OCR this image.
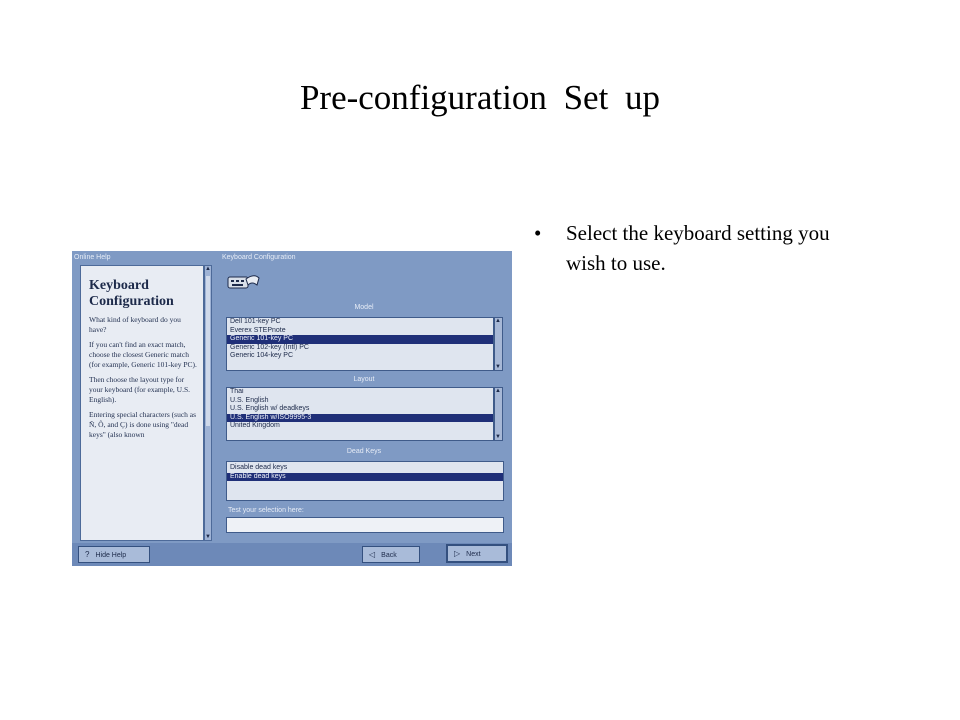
Pre-configuration Set up
•	Select the keyboard setting you wish to use.
Online Help
Keyboard Configuration
What kind of keyboard do you have?
If you can't find an exact match, choose the closest Generic match (for example, Generic 101-key PC).
Then choose the layout type for your keyboard (for example, U.S. English).
Entering special characters (such as Ñ, Ô, and Ç) is done using "dead keys" (also known
▲
▼
Keyboard Configuration
Model
Dell 101-key PC
Everex STEPnote
Generic 101-key PC
Generic 102-key (Intl) PC
Generic 104-key PC
▲
▼
Layout
Thai
U.S. English
U.S. English w/ deadkeys
U.S. English w/ISO9995-3
United Kingdom
▲
▼
Dead Keys
Disable dead keys
Enable dead keys
Test your selection here:
? Hide Help	◁ Back	▷ Next
